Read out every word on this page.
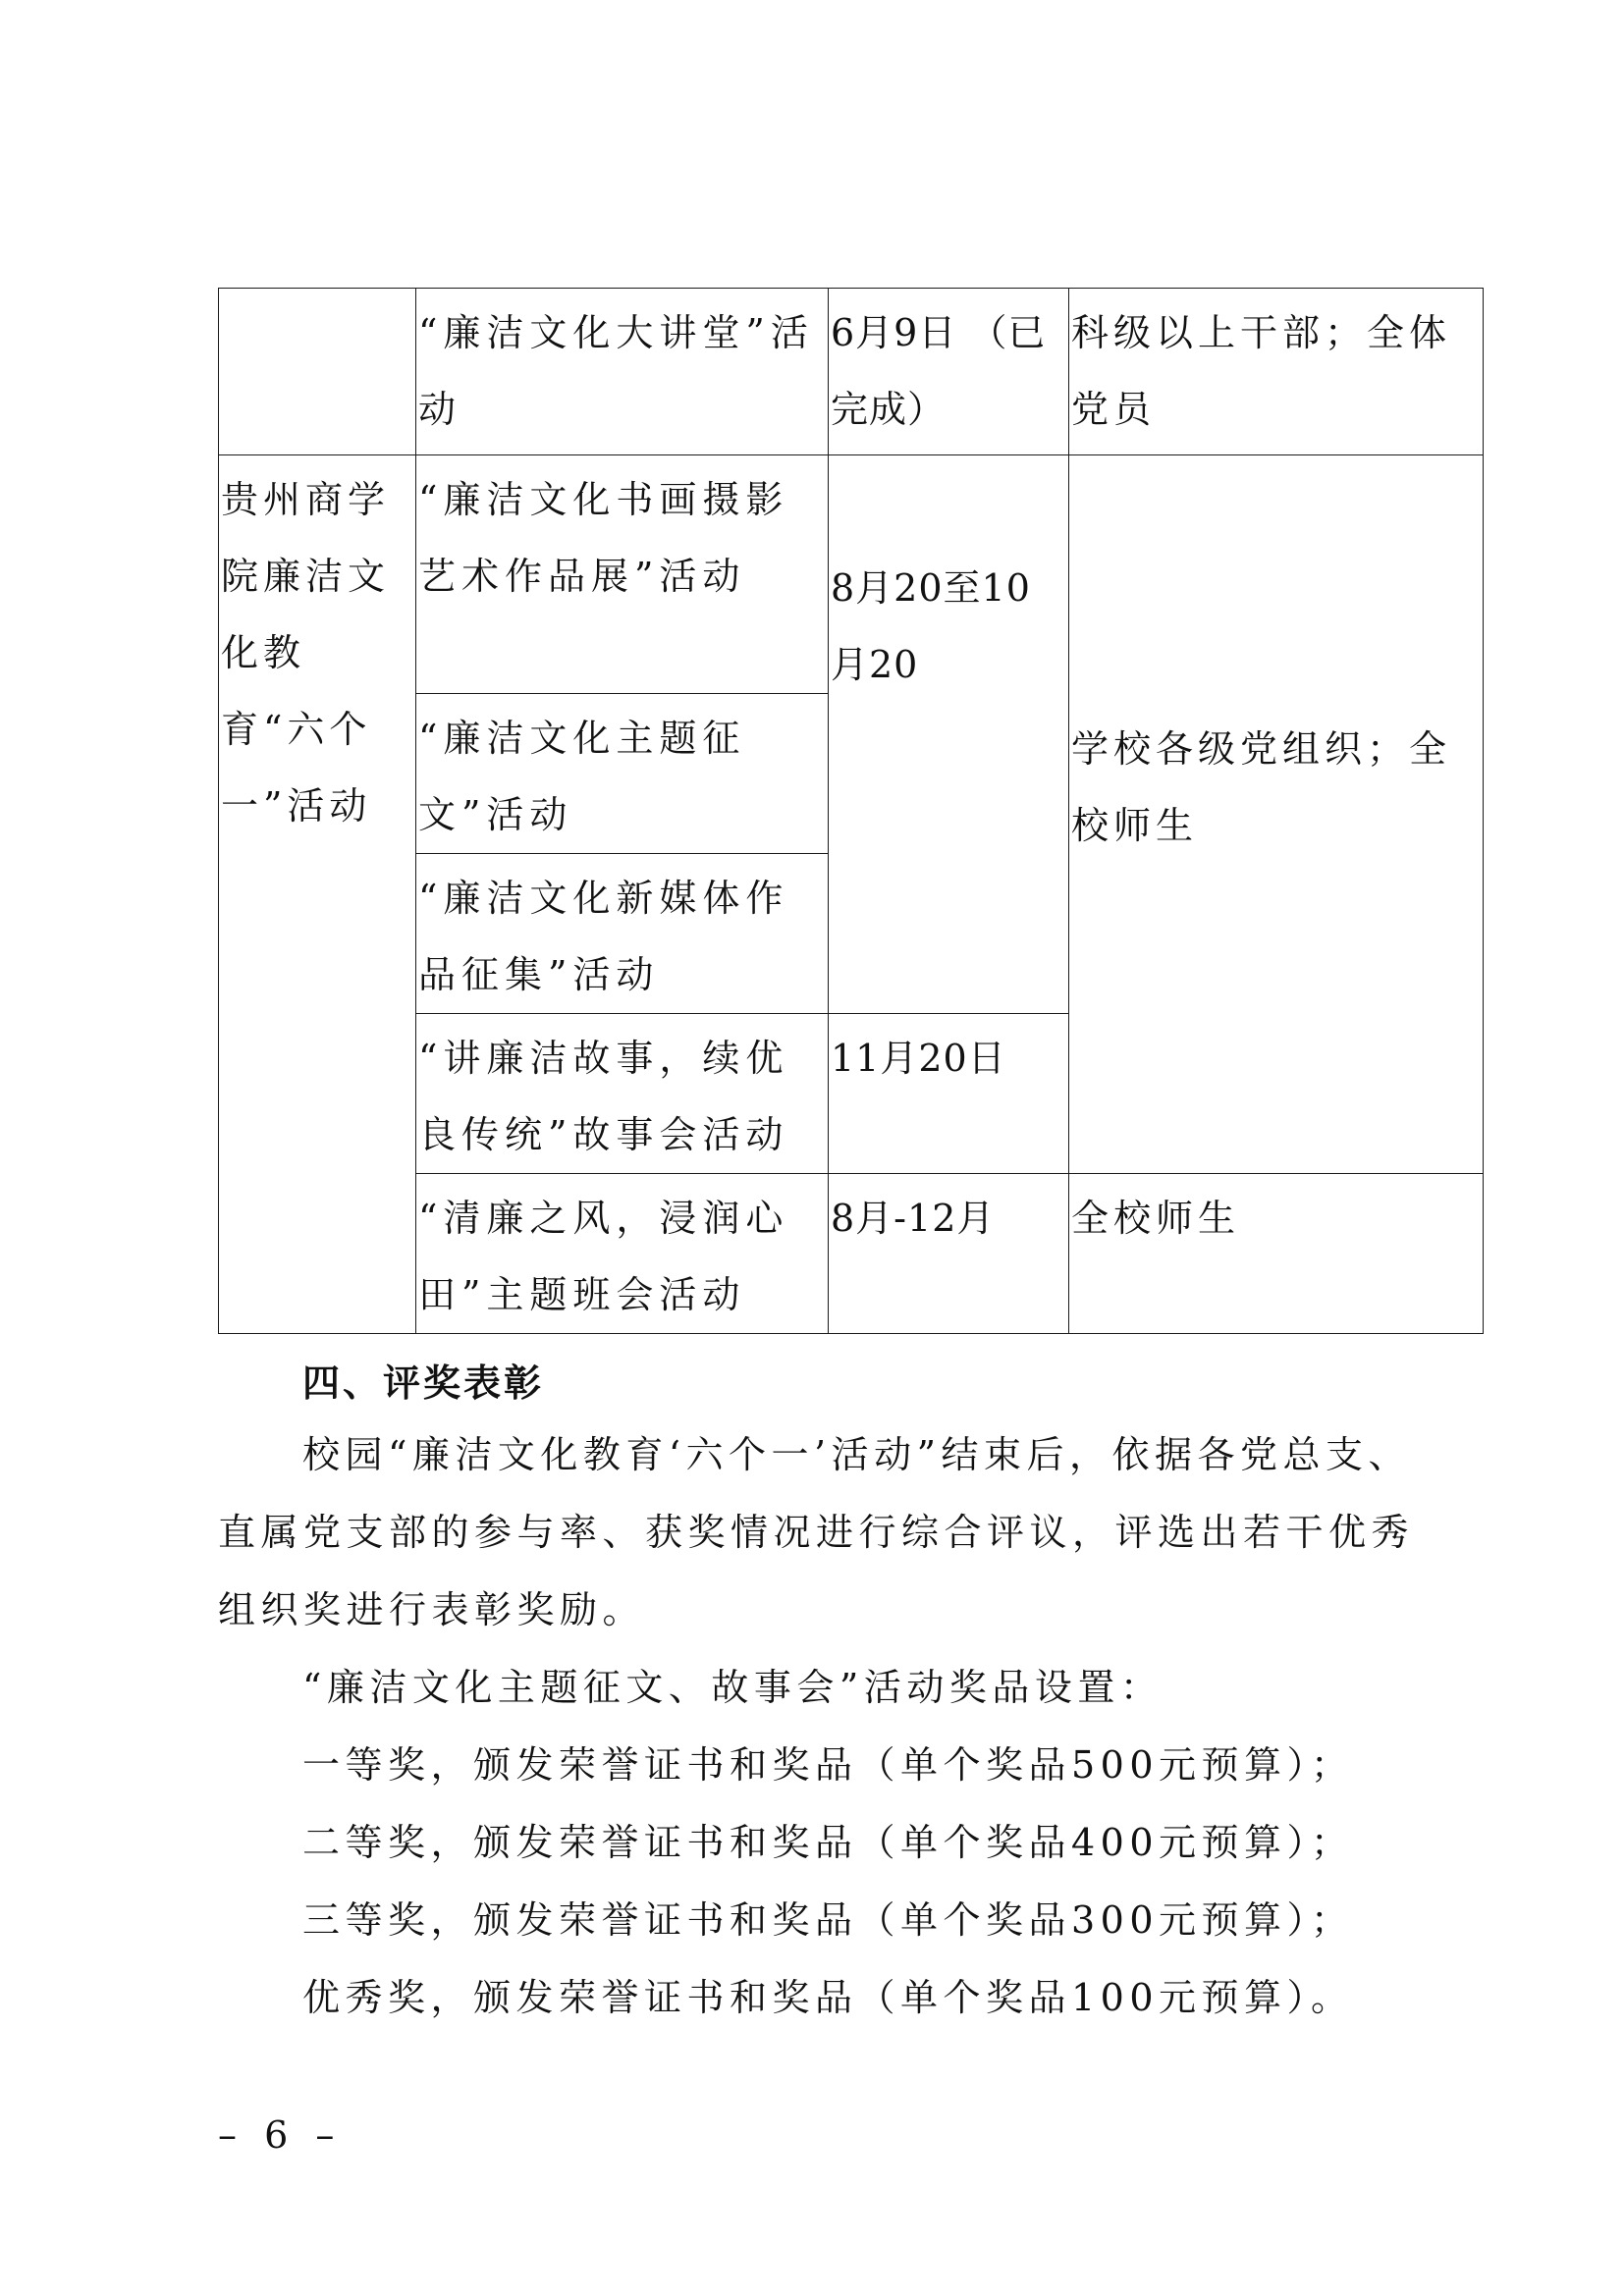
	“廉洁文化大讲堂”活动	6月9日 （已完成）	科级以上干部；全体党员
贵州商学院廉洁文化教育“六个一”活动	“廉洁文化书画摄影艺术作品展”活动	8月20至10月20	学校各级党组织；全校师生
	“廉洁文化主题征文”活动		
	“廉洁文化新媒体作品征集”活动		
	“讲廉洁故事，续优良传统”故事会活动	11月20日	
	“清廉之风，浸润心田”主题班会活动	8月-12月	全校师生
四、评奖表彰

校园“廉洁文化教育‘六个一’活动”结束后，依据各党总支、直属党支部的参与率、获奖情况进行综合评议，评选出若干优秀组织奖进行表彰奖励。

“廉洁文化主题征文、故事会”活动奖品设置：

一等奖，颁发荣誉证书和奖品（单个奖品500元预算）；

二等奖，颁发荣誉证书和奖品（单个奖品400元预算）；

三等奖，颁发荣誉证书和奖品（单个奖品300元预算）；

优秀奖，颁发荣誉证书和奖品（单个奖品100元预算）。

– 6 –
